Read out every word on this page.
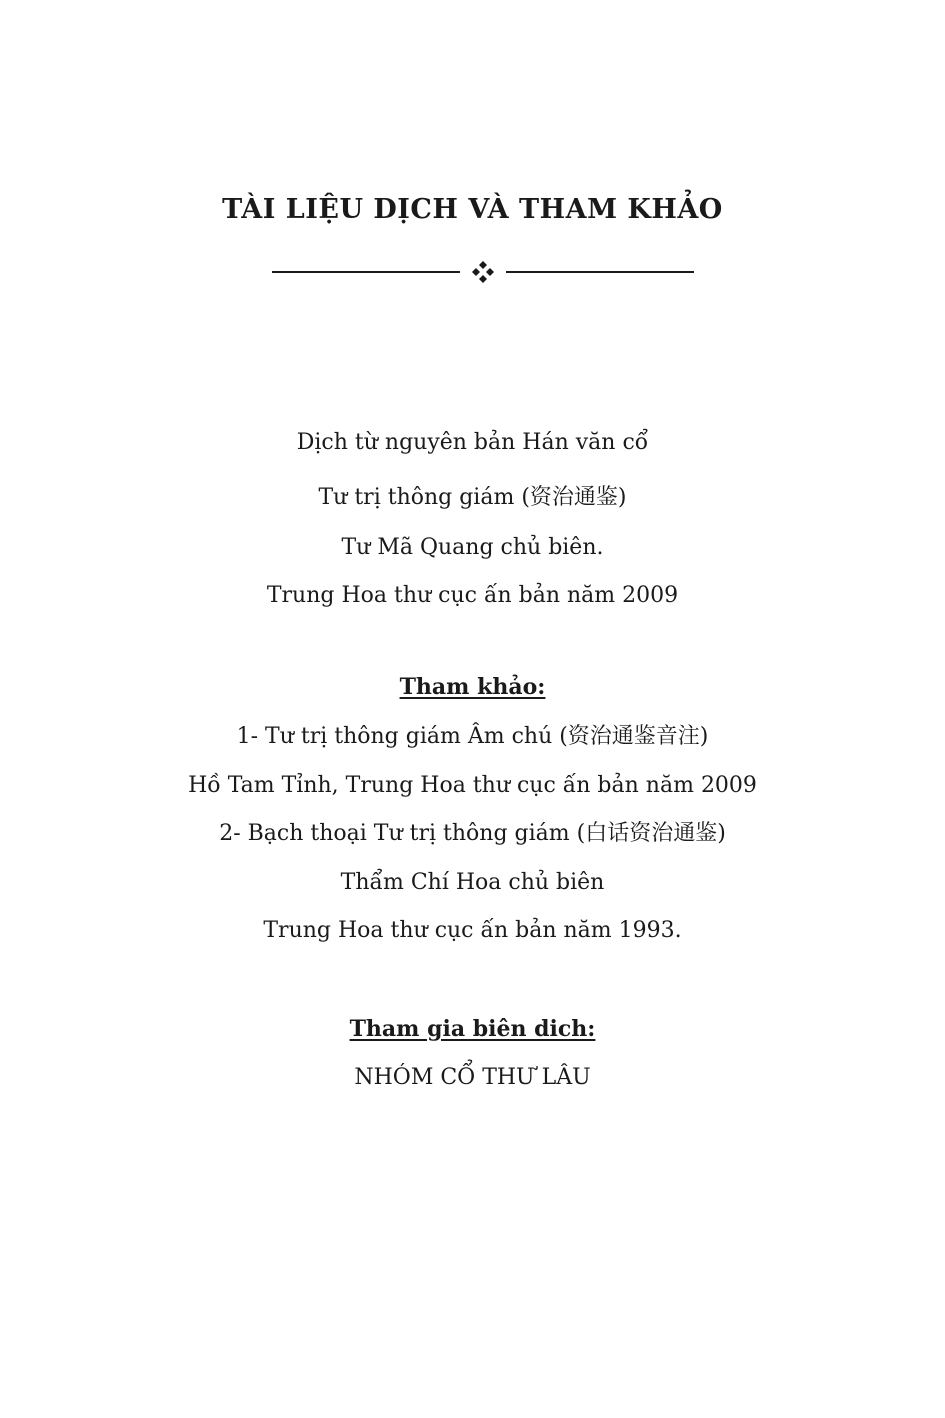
TÀI LIỆU DỊCH VÀ THAM KHẢO
Dịch từ nguyên bản Hán văn cổ
Tư trị thông giám (资治通鉴)
Tư Mã Quang chủ biên.
Trung Hoa thư cục ấn bản năm 2009
Tham khảo:
1- Tư trị thông giám Âm chú (资治通鉴音注)
Hồ Tam Tỉnh, Trung Hoa thư cục ấn bản năm 2009
2- Bạch thoại Tư trị thông giám (白话资治通鉴)
Thẩm Chí Hoa chủ biên
Trung Hoa thư cục ấn bản năm 1993.
Tham gia biên dich:
NHÓM CỔ THƯ LÂU
